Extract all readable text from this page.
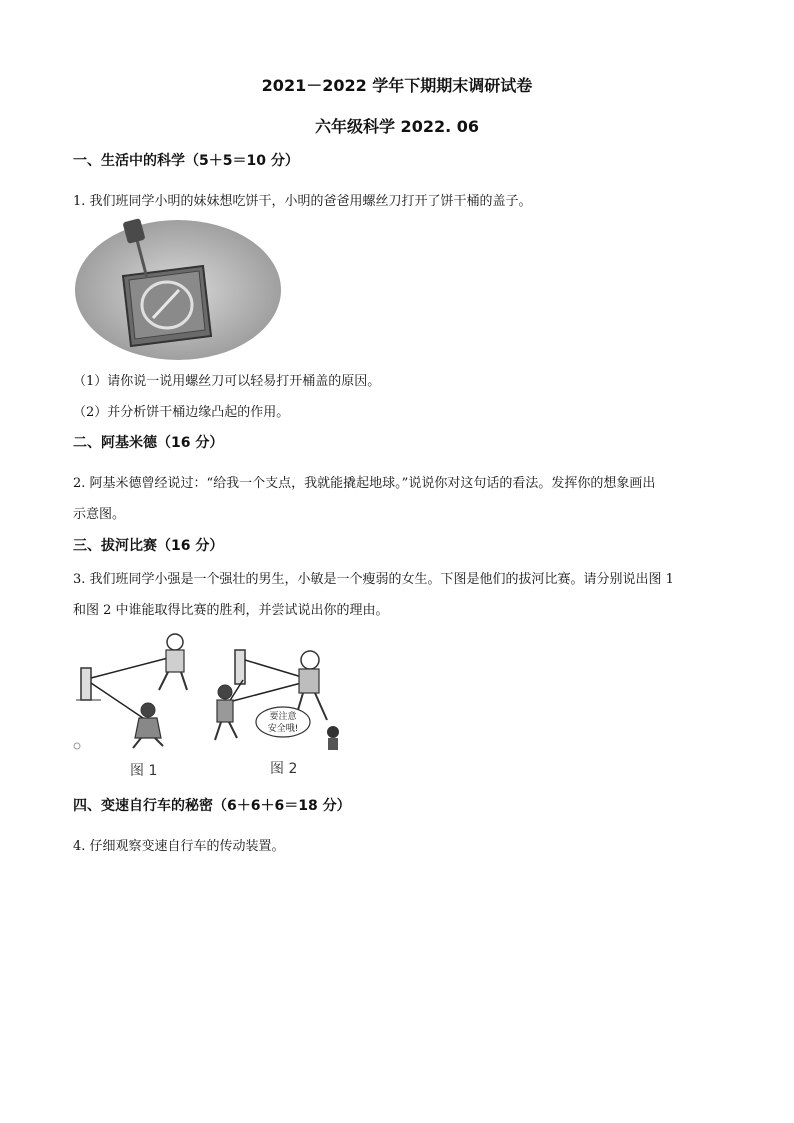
2021－2022 学年下期期末调研试卷
六年级科学 2022. 06
一、生活中的科学（5＋5＝10 分）
1. 我们班同学小明的妹妹想吃饼干，小明的爸爸用螺丝刀打开了饼干桶的盖子。
（1）请你说一说用螺丝刀可以轻易打开桶盖的原因。
（2）并分析饼干桶边缘凸起的作用。
二、阿基米德（16 分）
2. 阿基米德曾经说过：“给我一个支点，我就能撬起地球。”说说你对这句话的看法。发挥你的想象画出
示意图。
三、拔河比赛（16 分）
3. 我们班同学小强是一个强壮的男生，小敏是一个瘦弱的女生。下图是他们的拔河比赛。请分别说出图 1
和图 2 中谁能取得比赛的胜利，并尝试说出你的理由。
图 1
要注意
安全哦!
图 2
四、变速自行车的秘密（6＋6＋6＝18 分）
4. 仔细观察变速自行车的传动装置。
